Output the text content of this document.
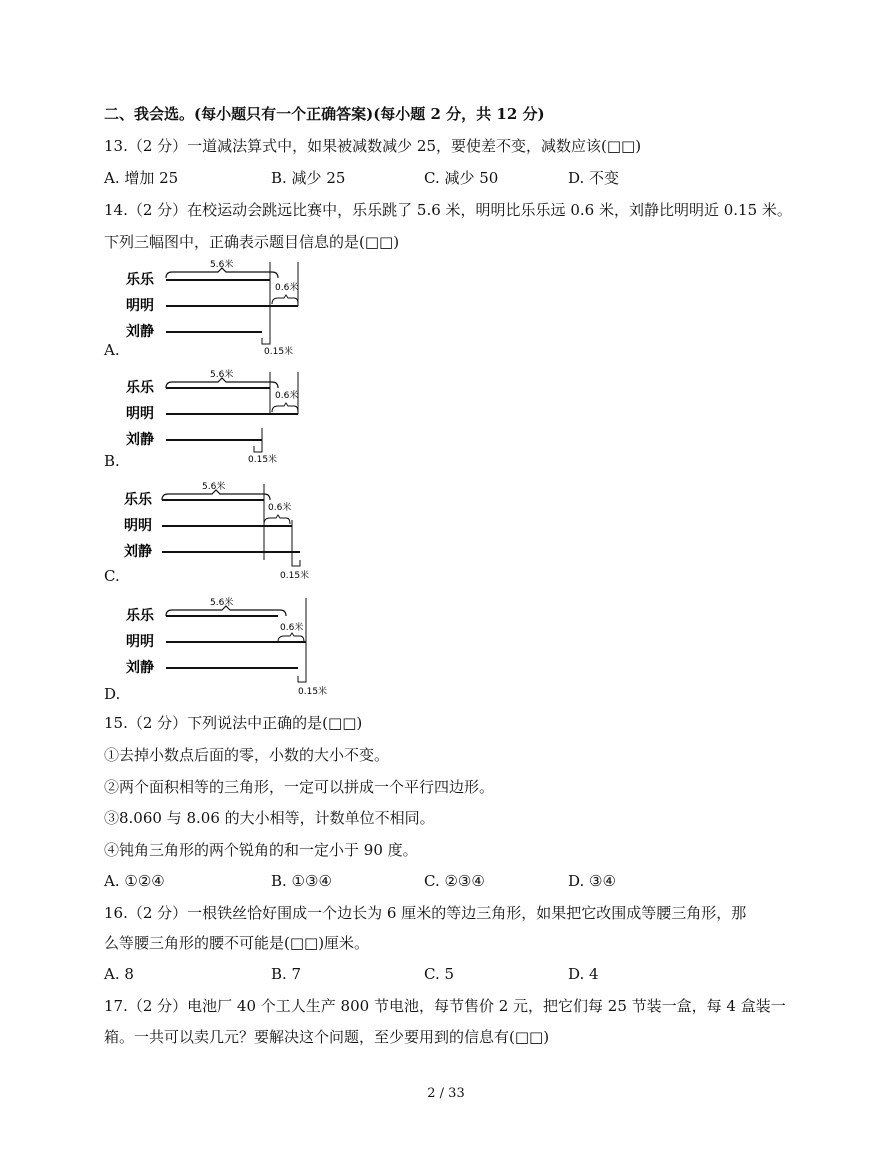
二、我会选。(每小题只有一个正确答案)(每小题 2 分，共 12 分)
13.（2 分）一道减法算式中，如果被减数减少 25，要使差不变，减数应该(□□)
A. 增加 25	B. 减少 25	C. 减少 50	D. 不变
14.（2 分）在校运动会跳远比赛中，乐乐跳了 5.6 米，明明比乐乐远 0.6 米，刘静比明明近 0.15 米。
下列三幅图中，正确表示题目信息的是(□□)
乐乐
明明
刘静
5.6米
0.6米
0.15米
A.
乐乐
明明
刘静
5.6米
0.6米
0.15米
B.
乐乐
明明
刘静
5.6米
0.6米
0.15米
C.
乐乐
明明
刘静
5.6米
0.6米
0.15米
D.
15.（2 分）下列说法中正确的是(□□)
①去掉小数点后面的零，小数的大小不变。
②两个面积相等的三角形，一定可以拼成一个平行四边形。
③8.060 与 8.06 的大小相等，计数单位不相同。
④钝角三角形的两个锐角的和一定小于 90 度。
A. ①②④	B. ①③④	C. ②③④	D. ③④
16.（2 分）一根铁丝恰好围成一个边长为 6 厘米的等边三角形，如果把它改围成等腰三角形，那
么等腰三角形的腰不可能是(□□)厘米。
A. 8	B. 7	C. 5	D. 4
17.（2 分）电池厂 40 个工人生产 800 节电池，每节售价 2 元，把它们每 25 节装一盒，每 4 盒装一
箱。一共可以卖几元？要解决这个问题，至少要用到的信息有(□□)
2 / 33
